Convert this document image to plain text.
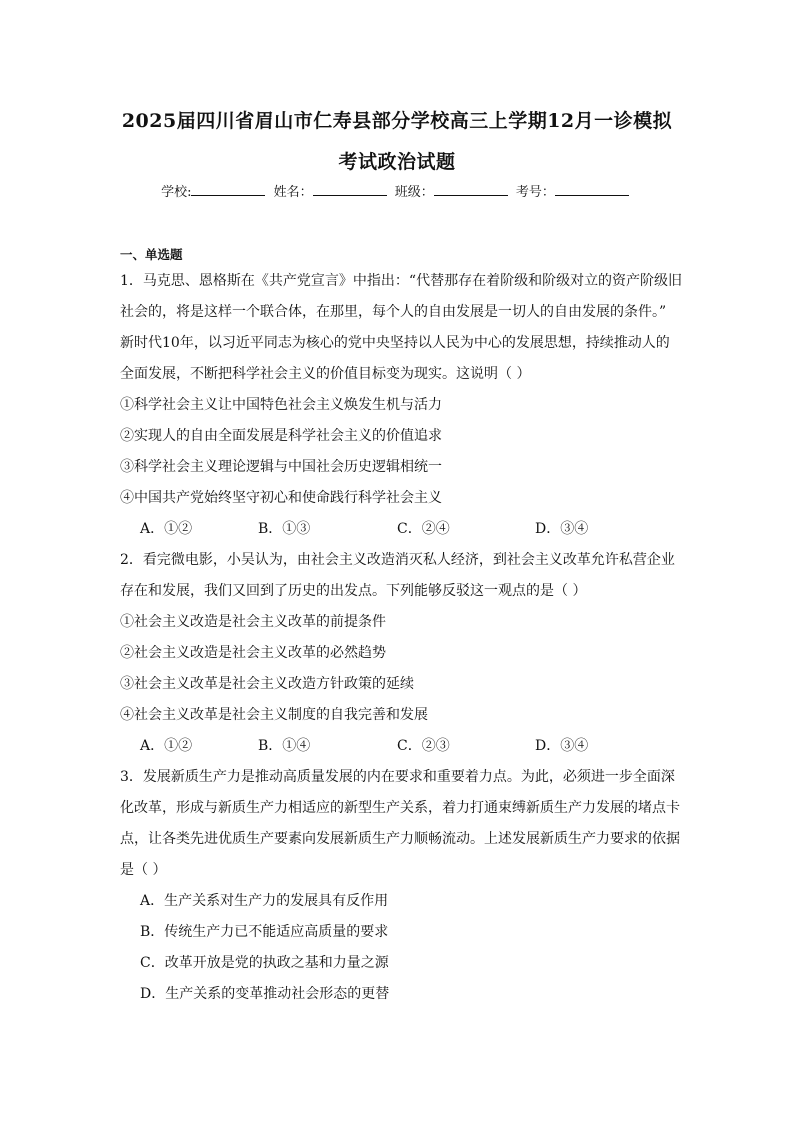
2025届四川省眉山市仁寿县部分学校高三上学期12月一诊模拟
考试政治试题
学校:	姓名：	班级：	考号：
一、单选题
1．马克思、恩格斯在《共产党宣言》中指出：“代替那存在着阶级和阶级对立的资产阶级旧
社会的，将是这样一个联合体，在那里，每个人的自由发展是一切人的自由发展的条件。”
新时代10年，以习近平同志为核心的党中央坚持以人民为中心的发展思想，持续推动人的
全面发展，不断把科学社会主义的价值目标变为现实。这说明（ ）
①科学社会主义让中国特色社会主义焕发生机与活力
②实现人的自由全面发展是科学社会主义的价值追求
③科学社会主义理论逻辑与中国社会历史逻辑相统一
④中国共产党始终坚守初心和使命践行科学社会主义
A．①②	B．①③	C．②④	D．③④
2．看完微电影，小吴认为，由社会主义改造消灭私人经济，到社会主义改革允许私营企业
存在和发展，我们又回到了历史的出发点。下列能够反驳这一观点的是（ ）
①社会主义改造是社会主义改革的前提条件
②社会主义改造是社会主义改革的必然趋势
③社会主义改革是社会主义改造方针政策的延续
④社会主义改革是社会主义制度的自我完善和发展
A．①②	B．①④	C．②③	D．③④
3．发展新质生产力是推动高质量发展的内在要求和重要着力点。为此，必须进一步全面深
化改革，形成与新质生产力相适应的新型生产关系，着力打通束缚新质生产力发展的堵点卡
点，让各类先进优质生产要素向发展新质生产力顺畅流动。上述发展新质生产力要求的依据
是（ ）
A．生产关系对生产力的发展具有反作用
B．传统生产力已不能适应高质量的要求
C．改革开放是党的执政之基和力量之源
D．生产关系的变革推动社会形态的更替
